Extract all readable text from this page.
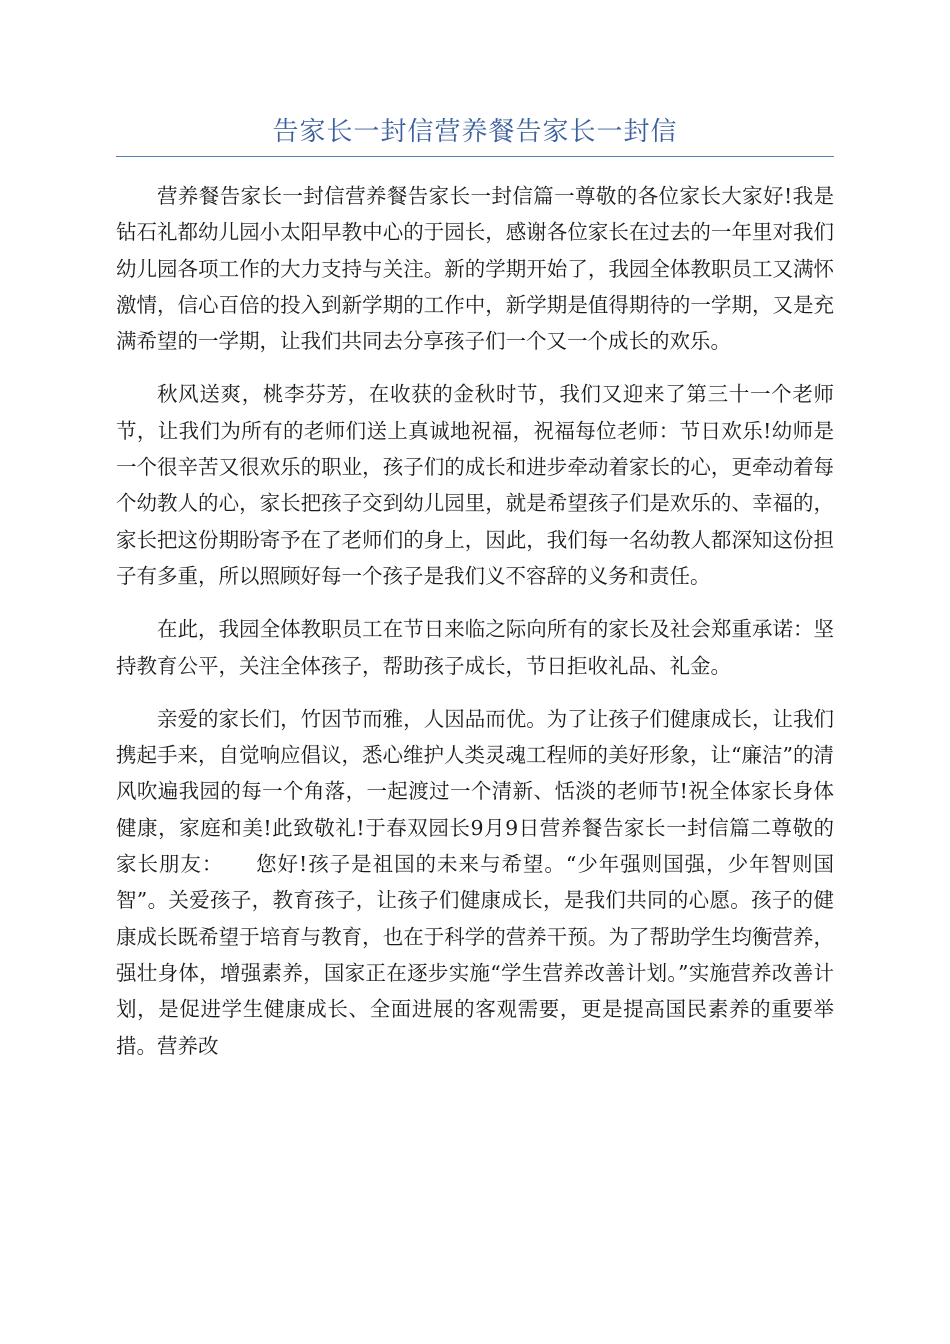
告家长一封信营养餐告家长一封信

营养餐告家长一封信营养餐告家长一封信篇一尊敬的各位家长大家好!我是钻石礼都幼儿园小太阳早教中心的于园长，感谢各位家长在过去的一年里对我们幼儿园各项工作的大力支持与关注。新的学期开始了，我园全体教职员工又满怀激情，信心百倍的投入到新学期的工作中，新学期是值得期待的一学期，又是充满希望的一学期，让我们共同去分享孩子们一个又一个成长的欢乐。

秋风送爽，桃李芬芳，在收获的金秋时节，我们又迎来了第三十一个老师节，让我们为所有的老师们送上真诚地祝福，祝福每位老师：节日欢乐!幼师是一个很辛苦又很欢乐的职业，孩子们的成长和进步牵动着家长的心，更牵动着每个幼教人的心，家长把孩子交到幼儿园里，就是希望孩子们是欢乐的、幸福的，家长把这份期盼寄予在了老师们的身上，因此，我们每一名幼教人都深知这份担子有多重，所以照顾好每一个孩子是我们义不容辞的义务和责任。

在此，我园全体教职员工在节日来临之际向所有的家长及社会郑重承诺：坚持教育公平，关注全体孩子，帮助孩子成长，节日拒收礼品、礼金。

亲爱的家长们，竹因节而雅，人因品而优。为了让孩子们健康成长，让我们携起手来，自觉响应倡议，悉心维护人类灵魂工程师的美好形象，让“廉洁”的清风吹遍我园的每一个角落，一起渡过一个清新、恬淡的老师节!祝全体家长身体健康，家庭和美!此致敬礼!于春双园长9月9日营养餐告家长一封信篇二尊敬的家长朋友：　　您好!孩子是祖国的未来与希望。“少年强则国强，少年智则国智”。关爱孩子，教育孩子，让孩子们健康成长，是我们共同的心愿。孩子的健康成长既希望于培育与教育，也在于科学的营养干预。为了帮助学生均衡营养，强壮身体，增强素养，国家正在逐步实施“学生营养改善计划。”实施营养改善计划，是促进学生健康成长、全面进展的客观需要，更是提高国民素养的重要举措。营养改
